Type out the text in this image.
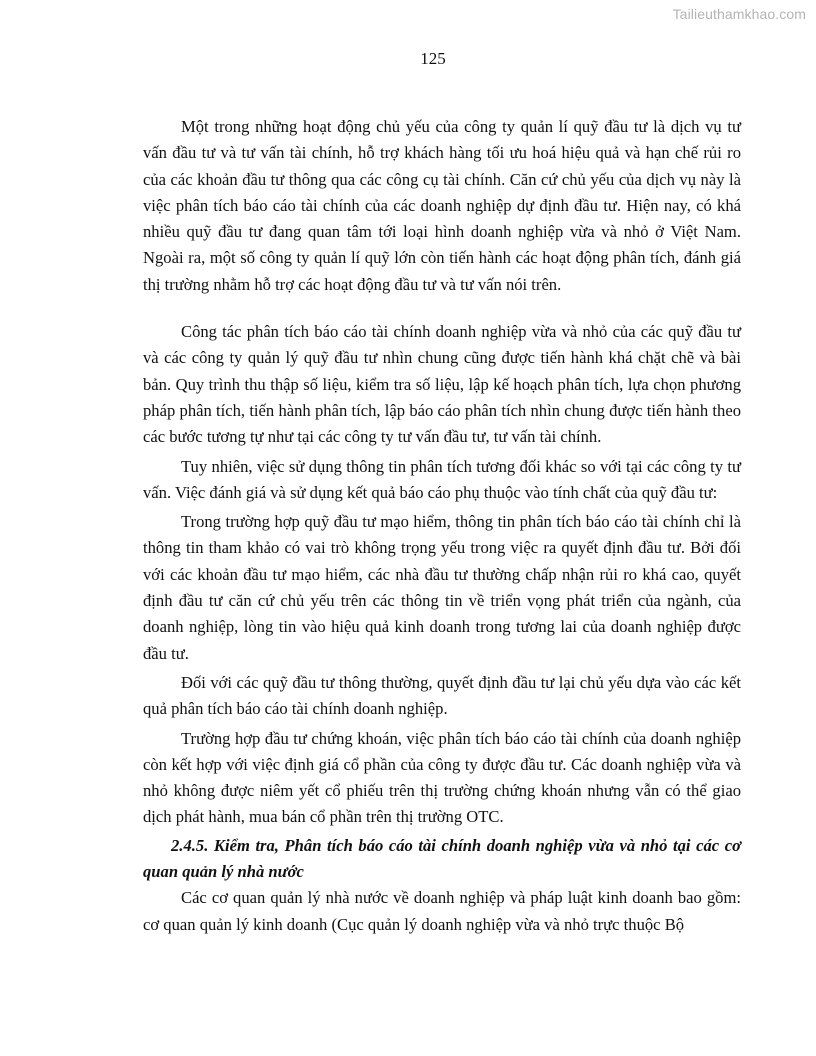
Tailieuthamkhao.com
125

Một trong những hoạt động chủ yếu của công ty quản lí quỹ đầu tư là dịch vụ tư vấn đầu tư và tư vấn tài chính, hỗ trợ khách hàng tối ưu hoá hiệu quả và hạn chế rủi ro của các khoản đầu tư thông qua các công cụ tài chính. Căn cứ chủ yếu của dịch vụ này là việc phân tích báo cáo tài chính của các doanh nghiệp dự định đầu tư. Hiện nay, có khá nhiều quỹ đầu tư đang quan tâm tới loại hình doanh nghiệp vừa và nhỏ ở Việt Nam. Ngoài ra, một số công ty quản lí quỹ lớn còn tiến hành các hoạt động phân tích, đánh giá thị trường nhằm hỗ trợ các hoạt động đầu tư và tư vấn nói trên.

Công tác phân tích báo cáo tài chính doanh nghiệp vừa và nhỏ của các quỹ đầu tư và các công ty quản lý quỹ đầu tư nhìn chung cũng được tiến hành khá chặt chẽ và bài bản. Quy trình thu thập số liệu, kiểm tra số liệu, lập kế hoạch phân tích, lựa chọn phương pháp phân tích, tiến hành phân tích, lập báo cáo phân tích nhìn chung được tiến hành theo các bước tương tự như tại các công ty tư vấn đầu tư, tư vấn tài chính.

Tuy nhiên, việc sử dụng thông tin phân tích tương đối khác so với tại các công ty tư vấn. Việc đánh giá và sử dụng kết quả báo cáo phụ thuộc vào tính chất của quỹ đầu tư:

Trong trường hợp quỹ đầu tư mạo hiểm, thông tin phân tích báo cáo tài chính chỉ là thông tin tham khảo có vai trò không trọng yếu trong việc ra quyết định đầu tư. Bởi đối với các khoản đầu tư mạo hiểm, các nhà đầu tư thường chấp nhận rủi ro khá cao, quyết định đầu tư căn cứ chủ yếu trên các thông tin về triển vọng phát triển của ngành, của doanh nghiệp, lòng tin vào hiệu quả kinh doanh trong tương lai của doanh nghiệp được đầu tư.

Đối với các quỹ đầu tư thông thường, quyết định đầu tư lại chủ yếu dựa vào các kết quả phân tích báo cáo tài chính doanh nghiệp.

Trường hợp đầu tư chứng khoán, việc phân tích báo cáo tài chính của doanh nghiệp còn kết hợp với việc định giá cổ phần của công ty được đầu tư. Các doanh nghiệp vừa và nhỏ không được niêm yết cổ phiếu trên thị trường chứng khoán nhưng vẫn có thể giao dịch phát hành, mua bán cổ phần trên thị trường OTC.

2.4.5. Kiểm tra, Phân tích báo cáo tài chính doanh nghiệp vừa và nhỏ tại các cơ quan quản lý nhà nước

Các cơ quan quản lý nhà nước về doanh nghiệp và pháp luật kinh doanh bao gồm: cơ quan quản lý kinh doanh (Cục quản lý doanh nghiệp vừa và nhỏ trực thuộc Bộ
